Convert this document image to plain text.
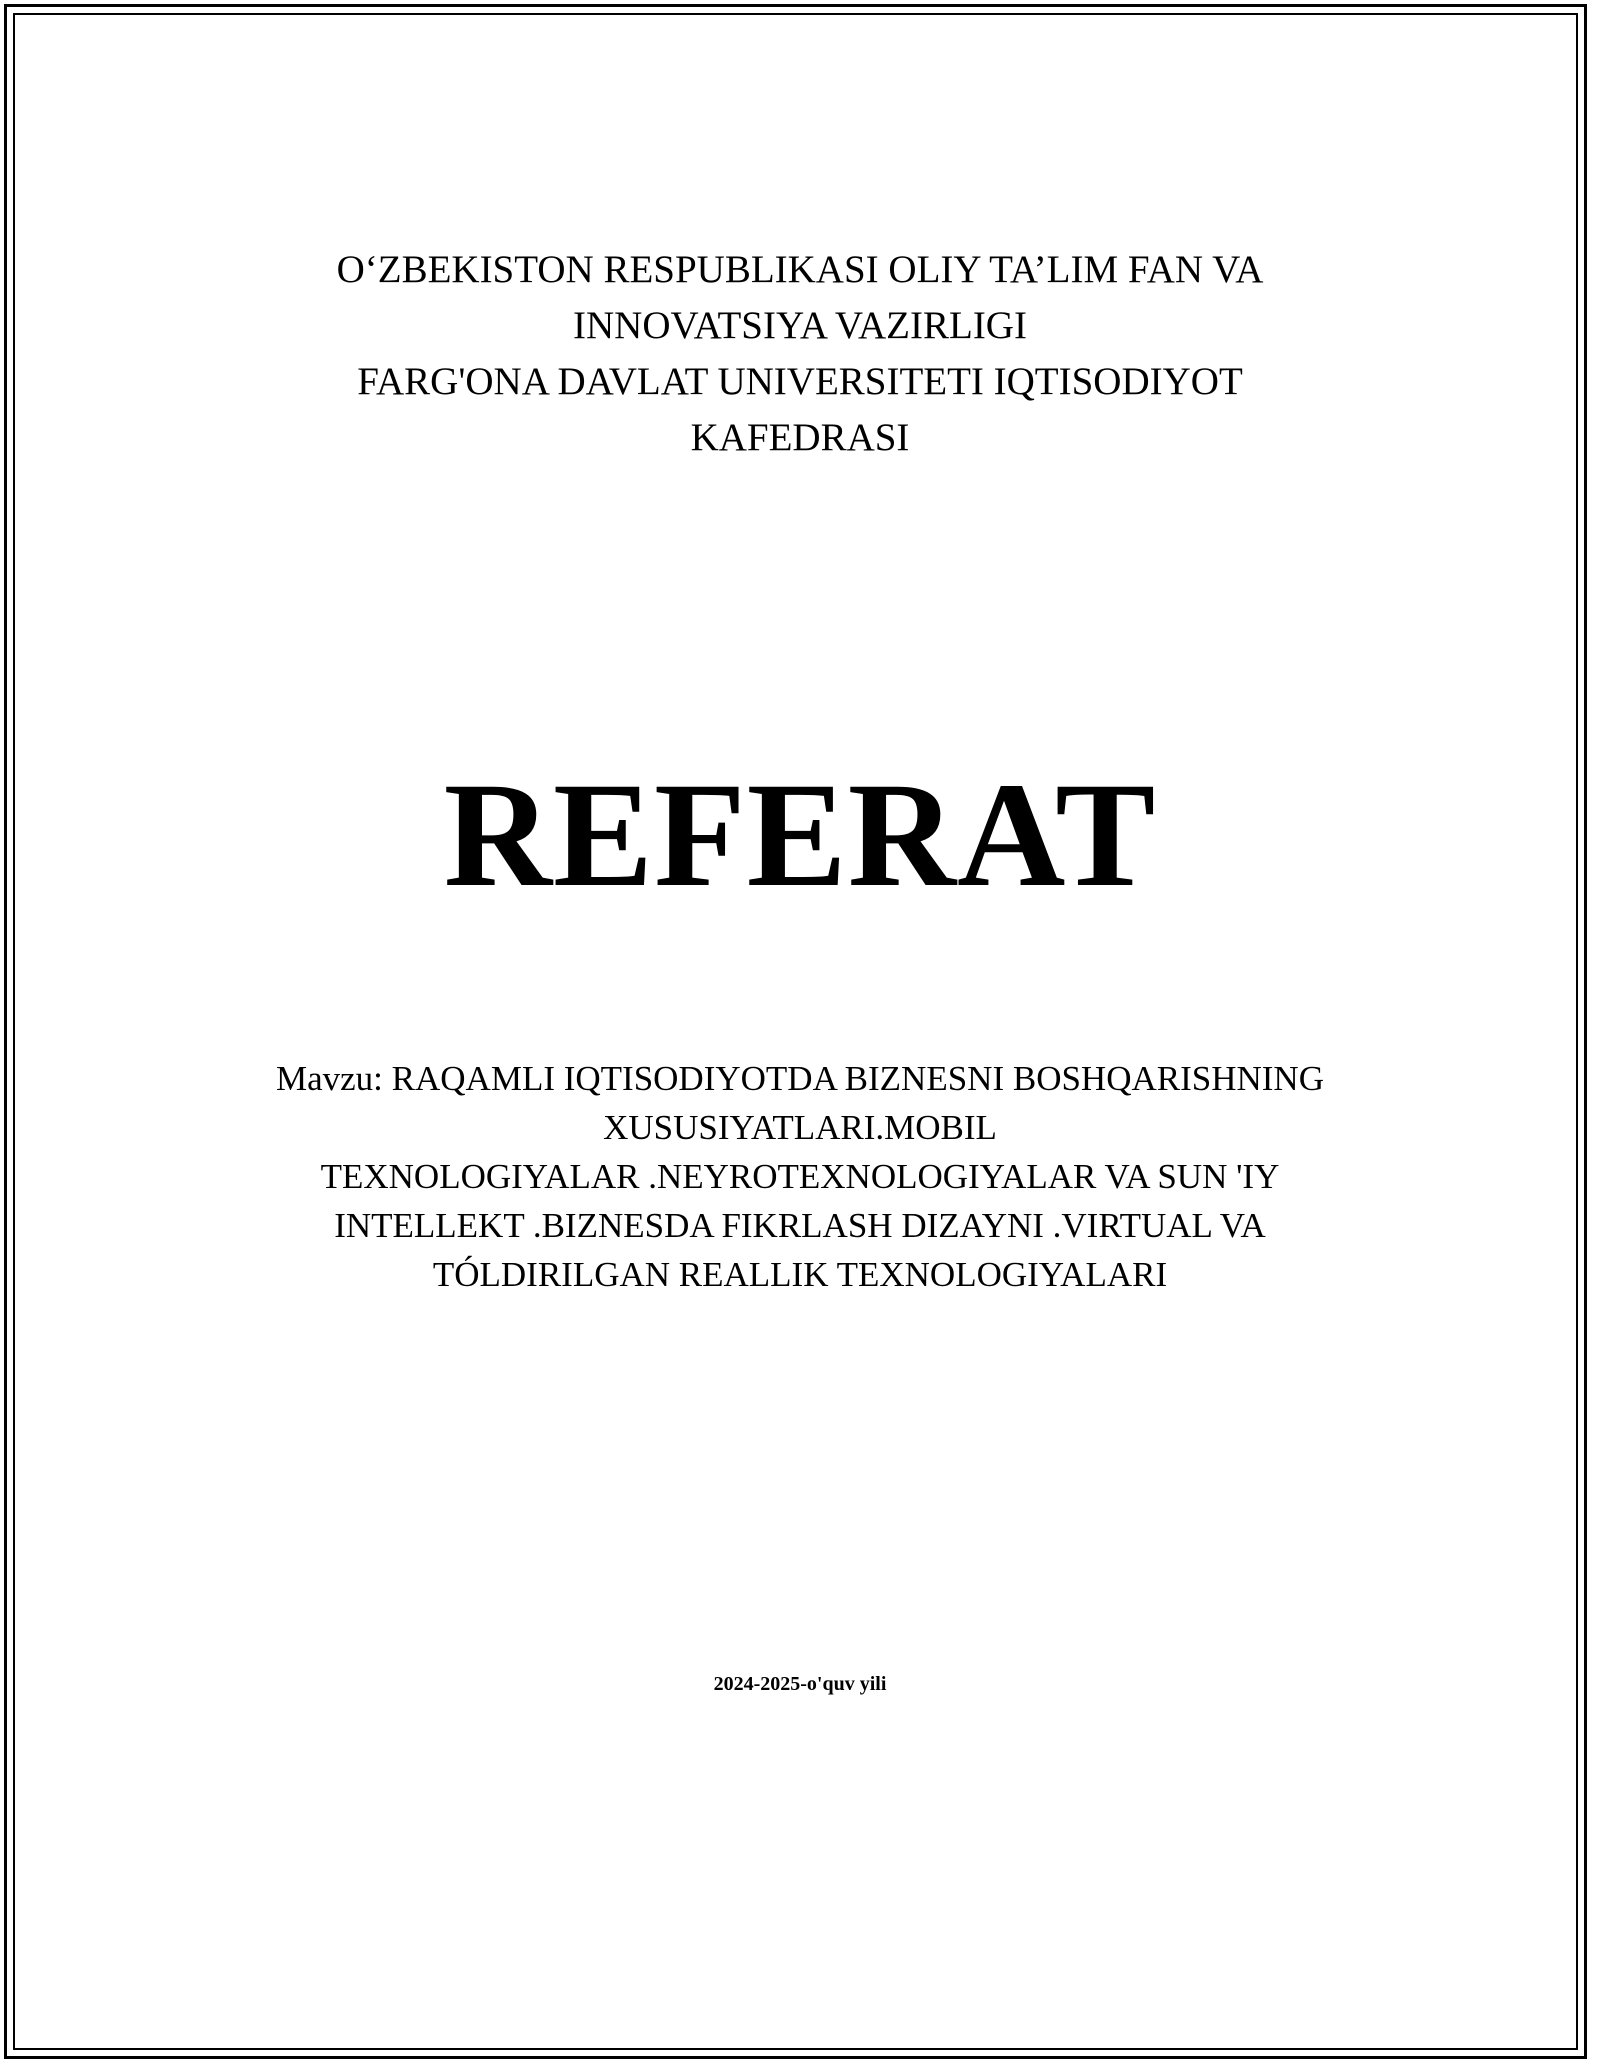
O‘ZBEKISTON RESPUBLIKASI OLIY TA’LIM FAN VA
INNOVATSIYA VAZIRLIGI
FARG'ONA DAVLAT UNIVERSITETI IQTISODIYOT
KAFEDRASI
REFERAT
Mavzu: RAQAMLI IQTISODIYOTDA BIZNESNI BOSHQARISHNING
XUSUSIYATLARI.MOBIL
TEXNOLOGIYALAR .NEYROTEXNOLOGIYALAR VA SUN 'IY
INTELLEKT .BIZNESDA FIKRLASH DIZAYNI .VIRTUAL VA
TÓLDIRILGAN REALLIK TEXNOLOGIYALARI
2024-2025-o'quv yili
